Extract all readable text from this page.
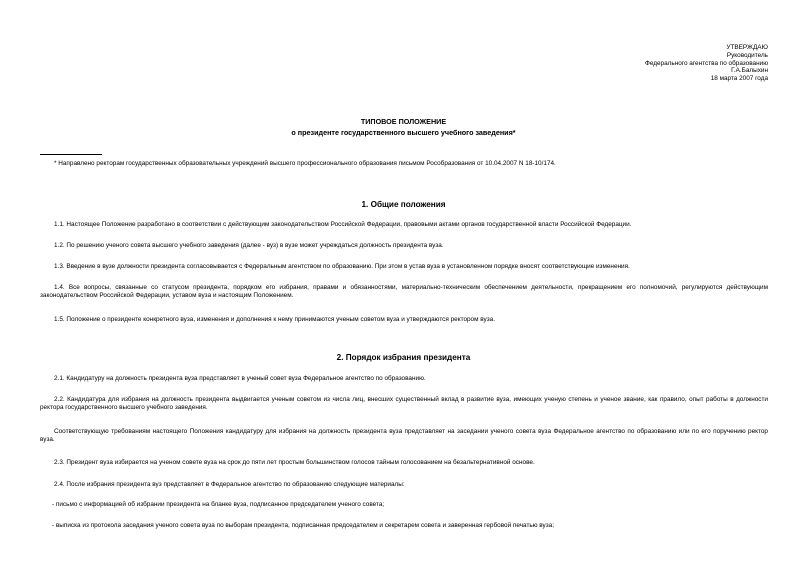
УТВЕРЖДАЮ
Руководитель
Федерального агентства по образованию
Г.А.Балыхин
18 марта 2007 года
ТИПОВОЕ ПОЛОЖЕНИЕ
о президенте государственного высшего учебного заведения*

* Направлено ректорам государственных образовательных учреждений высшего профессионального образования письмом Рособразования от 10.04.2007 N 18-10/174.

1. Общие положения

1.1. Настоящее Положение разработано в соответствии с действующим законодательством Российской Федерации, правовыми актами органов государственной власти Российской Федерации.

1.2. По решению ученого совета высшего учебного заведения (далее - вуз) в вузе может учреждаться должность президента вуза.

1.3. Введение в вузе должности президента согласовывается с Федеральным агентством по образованию. При этом в устав вуза в установленном порядке вносят соответствующие изменения.

1.4. Все вопросы, связанные со статусом президента, порядком его избрания, правами и обязанностями, материально-техническим обеспечением деятельности, прекращением его полномочий, регулируются действующим законодательством Российской Федерации, уставом вуза и настоящим Положением.

1.5. Положение о президенте конкретного вуза, изменения и дополнения к нему принимаются ученым советом вуза и утверждаются ректором вуза.

2. Порядок избрания президента

2.1. Кандидатуру на должность президента вуза представляет в ученый совет вуза Федеральное агентство по образованию.

2.2. Кандидатура для избрания на должность президента выдвигается ученым советом из числа лиц, внесших существенный вклад в развитие вуза, имеющих ученую степень и ученое звание, как правило, опыт работы в должности ректора государственного высшего учебного заведения.

Соответствующую требованиям настоящего Положения кандидатуру для избрания на должность президента вуза представляет на заседании ученого совета вуза Федеральное агентство по образованию или по его поручению ректор вуза.

2.3. Президент вуза избирается на ученом совете вуза на срок до пяти лет простым большинством голосов тайным голосованием на безальтернативной основе.

2.4. После избрания президента вуз представляет в Федеральное агентство по образованию следующие материалы:

- письмо с информацией об избрании президента на бланке вуза, подписанное председателем ученого совета;

- выписка из протокола заседания ученого совета вуза по выборам президента, подписанная председателем и секретарем совета и заверенная гербовой печатью вуза;
